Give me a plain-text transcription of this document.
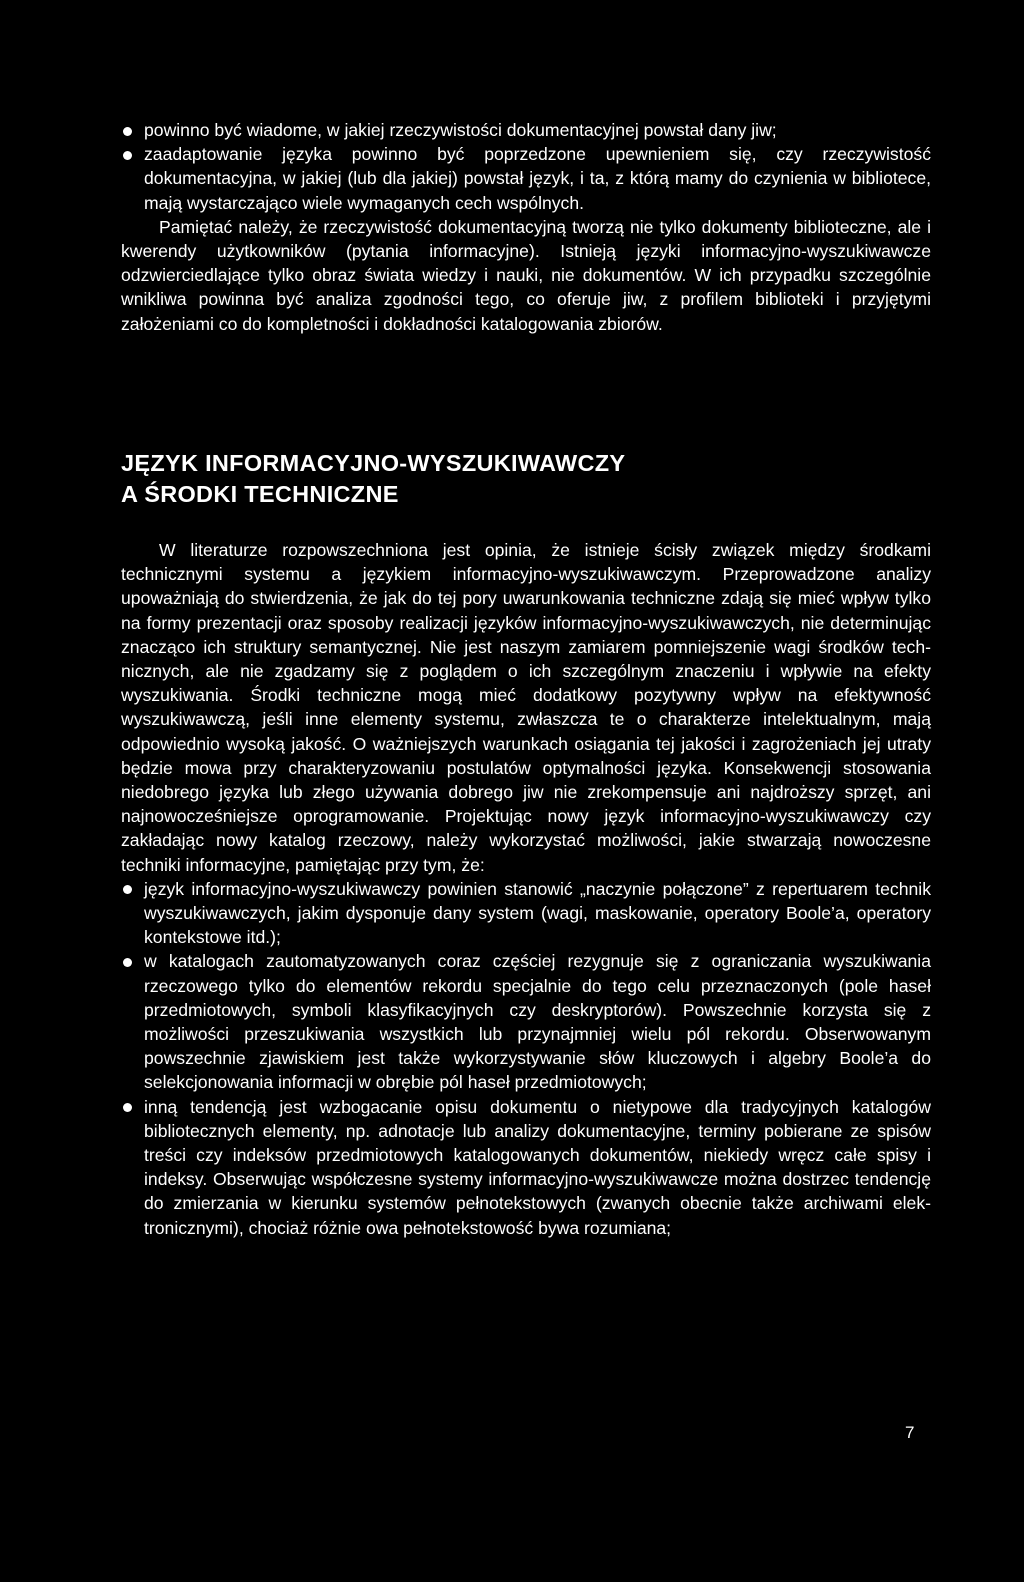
powinno być wiadome, w jakiej rzeczywistości dokumentacyjnej powstał dany jiw;

zaadaptowanie języka powinno być poprzedzone upewnieniem się, czy rzeczywistość dokumentacyjna, w jakiej (lub dla jakiej) powstał język, i ta, z którą mamy do czynienia w bibliotece, mają wystarczająco wiele wymaganych cech wspólnych.

Pamiętać należy, że rzeczywistość dokumentacyjną tworzą nie tylko dokumenty biblioteczne, ale i kwerendy użytkowników (pytania informacyjne). Istnieją języki informacyjno-wyszukiwawcze odzwierciedlające tylko obraz świata wiedzy i nauki, nie dokumentów. W ich przypadku szczególnie wnikliwa powinna być analiza zgodności tego, co oferuje jiw, z profilem biblioteki i przyjętymi założeniami co do kompletności i dokładności katalogowania zbiorów.

JĘZYK INFORMACYJNO-WYSZUKIWAWCZY
A ŚRODKI TECHNICZNE

W literaturze rozpowszechniona jest opinia, że istnieje ścisły związek między środkami technicznymi systemu a językiem informacyjno-wyszukiwawczym. Przeprowadzone analizy upoważniają do stwierdzenia, że jak do tej pory uwarunkowania techniczne zdają się mieć wpływ tylko na formy prezentacji oraz sposoby realizacji języków informacyjno-wyszukiwawczych, nie determinując znacząco ich struktury semantycznej. Nie jest naszym zamiarem pomniejszenie wagi środków technicznych, ale nie zgadzamy się z poglądem o ich szczególnym znaczeniu i wpływie na efekty wyszukiwania. Środki techniczne mogą mieć dodatkowy pozytywny wpływ na efektywność wyszukiwawczą, jeśli inne elementy systemu, zwłaszcza te o charakterze intelektualnym, mają odpowiednio wysoką jakość. O ważniejszych warunkach osiągania tej jakości i zagrożeniach jej utraty będzie mowa przy charakteryzowaniu postulatów optymalności języka. Konsekwencji stosowania niedobrego języka lub złego używania dobrego jiw nie zrekompensuje ani najdroższy sprzęt, ani najnowocześniejsze oprogramowanie. Projektując nowy język informacyjno-wyszukiwawczy czy zakładając nowy katalog rzeczowy, należy wykorzystać możliwości, jakie stwarzają nowoczesne techniki informacyjne, pamiętając przy tym, że:

język informacyjno-wyszukiwawczy powinien stanowić „naczynie połączone” z repertuarem technik wyszukiwawczych, jakim dysponuje dany system (wagi, maskowanie, operatory Boole’a, operatory kontekstowe itd.);

w katalogach zautomatyzowanych coraz częściej rezygnuje się z ograniczania wyszukiwania rzeczowego tylko do elementów rekordu specjalnie do tego celu przeznaczonych (pole haseł przedmiotowych, symboli klasyfikacyjnych czy deskryptorów). Powszechnie korzysta się z możliwości przeszukiwania wszystkich lub przynajmniej wielu pól rekordu. Obserwowanym powszechnie zjawiskiem jest także wykorzystywanie słów kluczowych i algebry Boole’a do selekcjonowania informacji w obrębie pól haseł przedmiotowych;

inną tendencją jest wzbogacanie opisu dokumentu o nietypowe dla tradycyjnych katalogów bibliotecznych elementy, np. adnotacje lub analizy dokumentacyjne, terminy pobierane ze spisów treści czy indeksów przedmiotowych katalogowanych dokumentów, niekiedy wręcz całe spisy i indeksy. Obserwując współczesne systemy informacyjno-wyszukiwawcze można dostrzec tendencję do zmierzania w kierunku systemów pełnotekstowych (zwanych obecnie także archiwami elektronicznymi), chociaż różnie owa pełnotekstowość bywa rozumiana;

7
